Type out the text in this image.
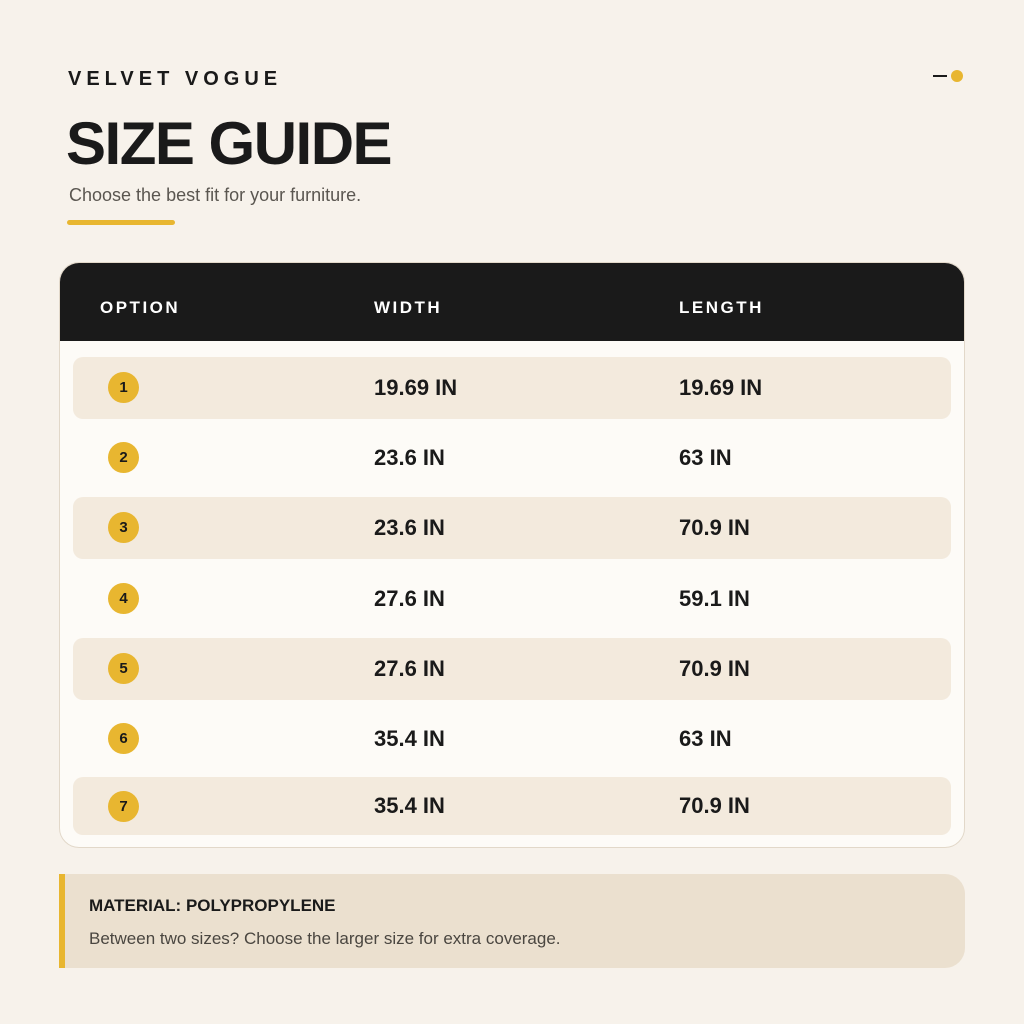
VELVET VOGUE
SIZE GUIDE
Choose the best fit for your furniture.
OPTION	WIDTH	LENGTH
1	19.69 IN	19.69 IN
2	23.6 IN	63 IN
3	23.6 IN	70.9 IN
4	27.6 IN	59.1 IN
5	27.6 IN	70.9 IN
6	35.4 IN	63 IN
7	35.4 IN	70.9 IN
MATERIAL: POLYPROPYLENE
Between two sizes? Choose the larger size for extra coverage.
